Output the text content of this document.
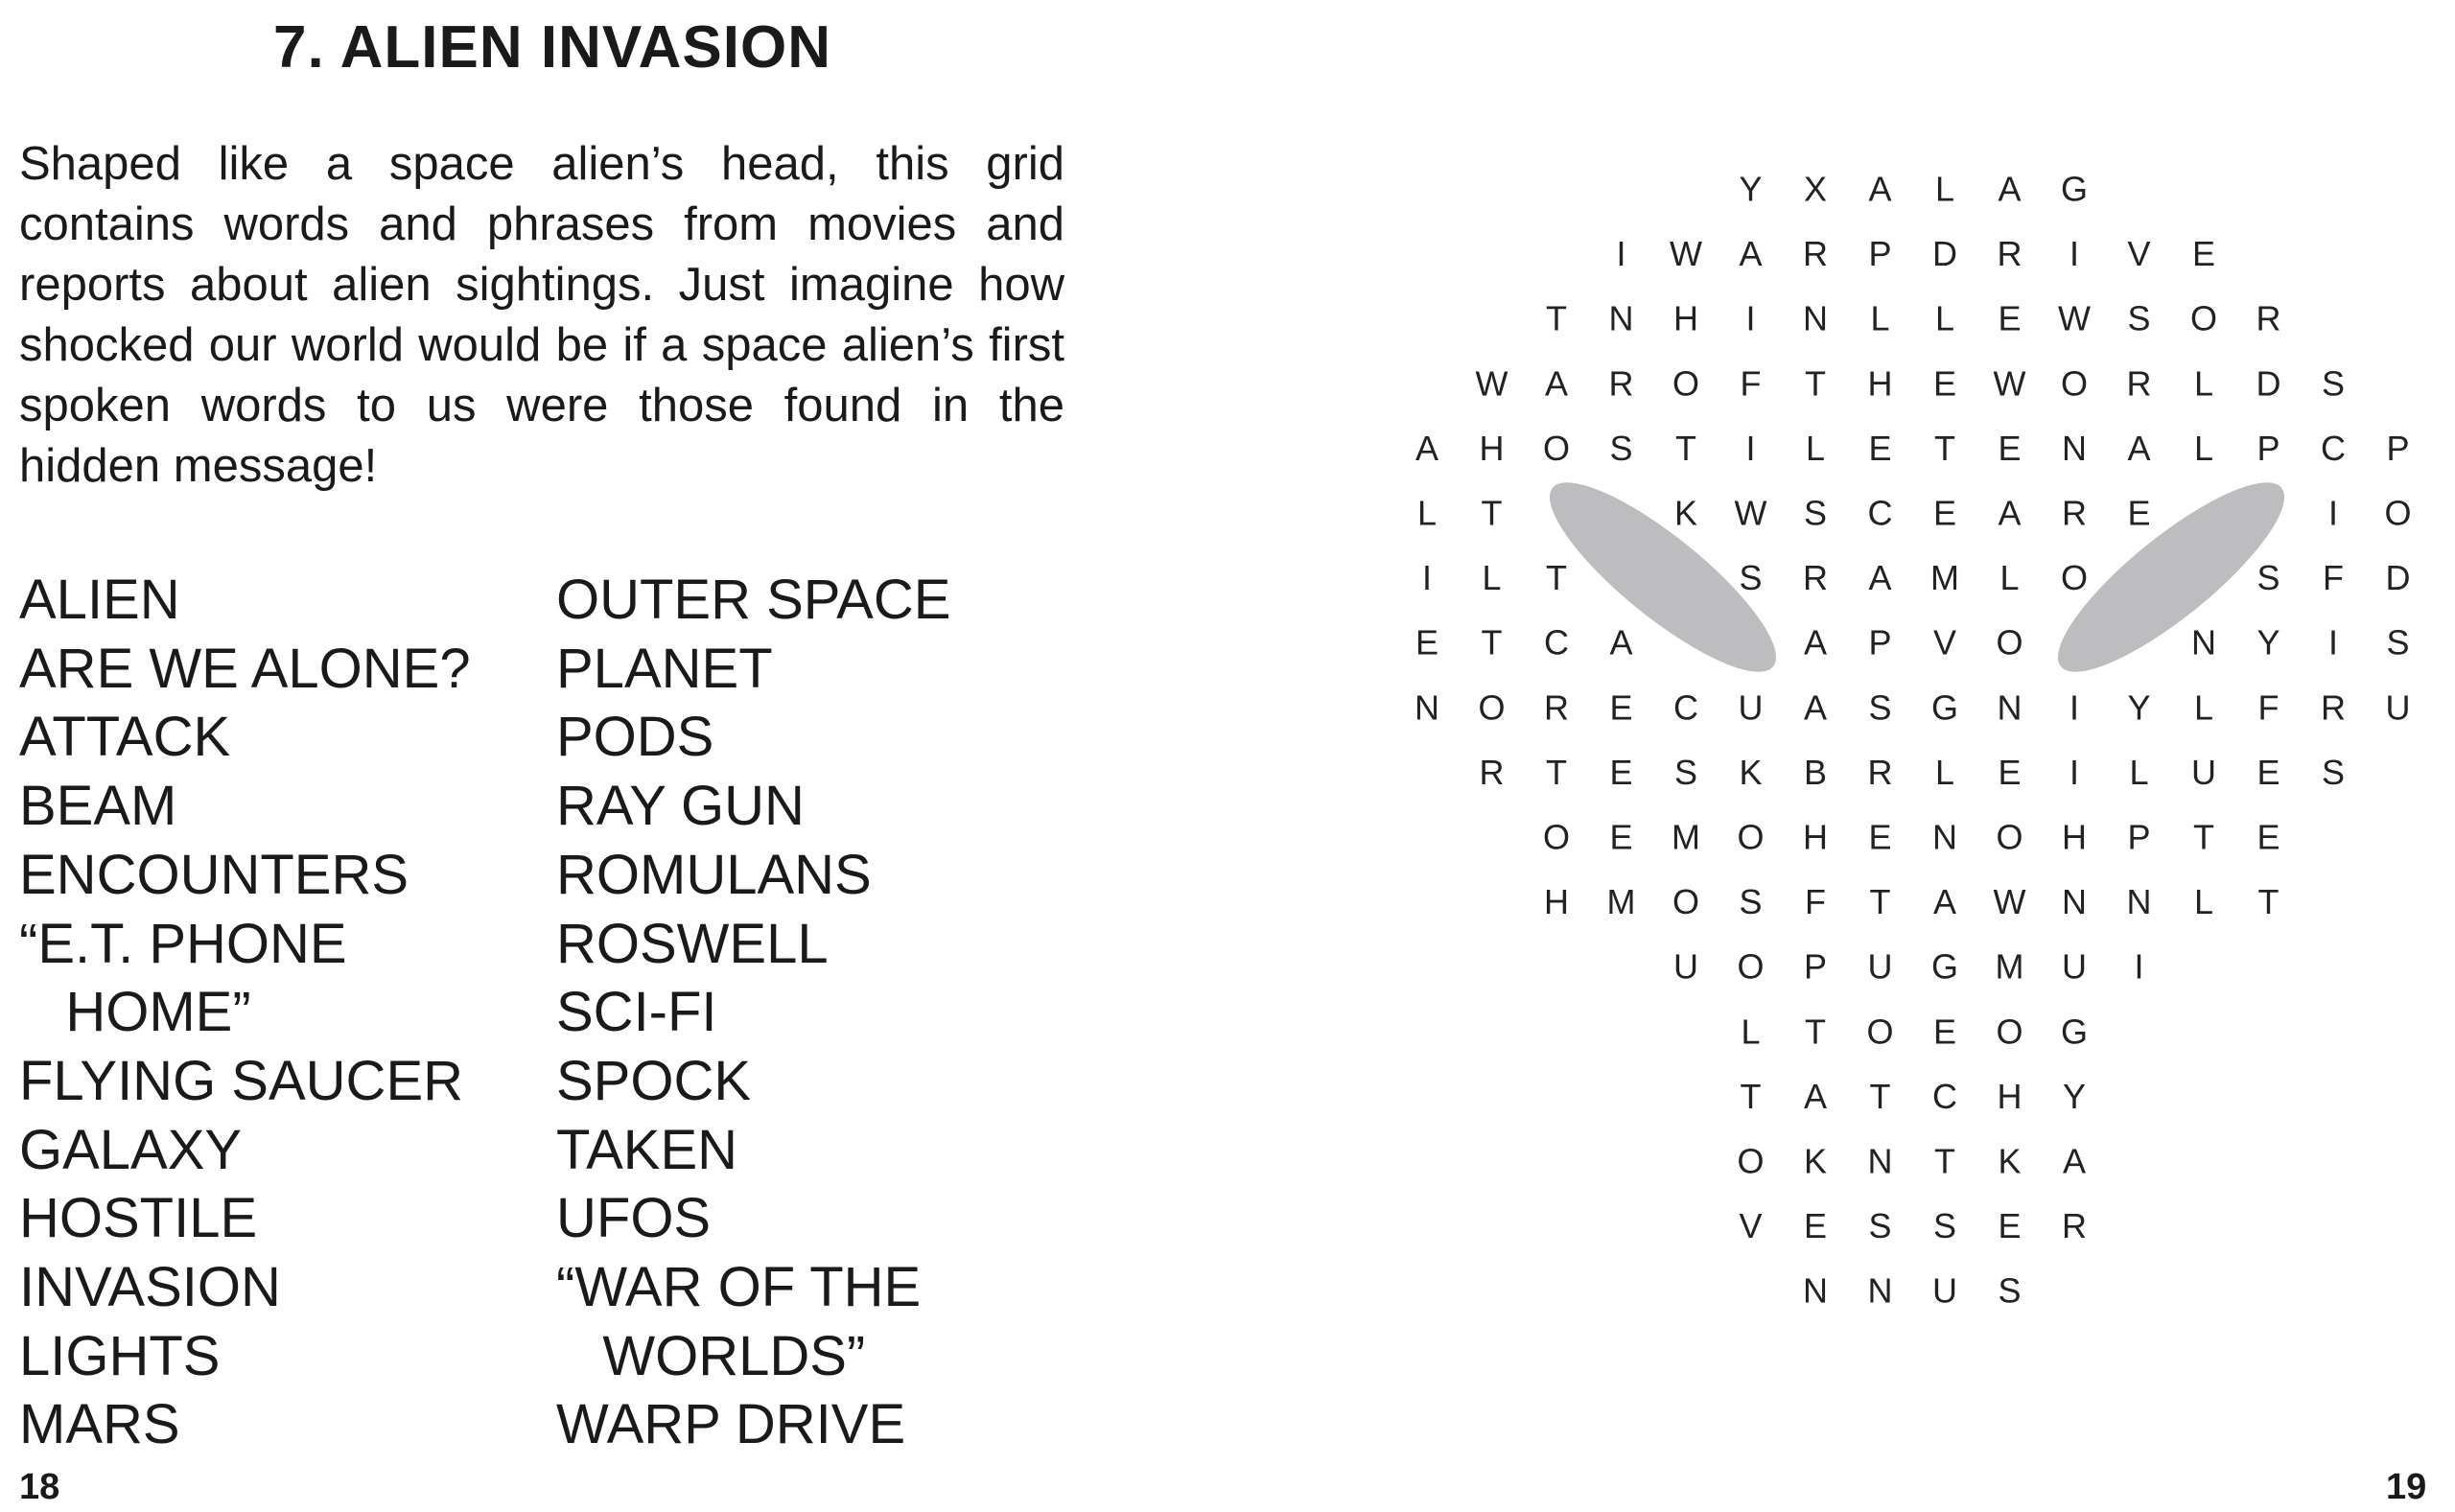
7. ALIEN INVASION
Shaped like a space alien’s head, this grid contains words and phrases from movies and reports about alien sightings. Just imagine how shocked our world would be if a space alien’s first spoken words to us were those found in the hidden message!
ALIEN
ARE WE ALONE?
ATTACK
BEAM
ENCOUNTERS
“E.T. PHONE
HOME”
FLYING SAUCER
GALAXY
HOSTILE
INVASION
LIGHTS
MARS
OUTER SPACE
PLANET
PODS
RAY GUN
ROMULANS
ROSWELL
SCI-FI
SPOCK
TAKEN
UFOS
“WAR OF THE
WORLDS”
WARP DRIVE
Y X A L A G
I W A R P D R I V E
T N H I N L L E W S O R
W A R O F T H E W O R L D S
A H O S T I L E T E N A L P C P
L T	K W S C E A R E	I O
I L T	S R A M L O	S F D
E T C A	A P V O	N Y I S
N O R E C U A S G N I Y L F R U
R T E S K B R L E I L U E S
O E M O H E N O H P T E
H M O S F T A W N N L T
U O P U G M U I
L T O E O G
T A T C H Y
O K N T K A
V E S S E R
N N U S
18	19
